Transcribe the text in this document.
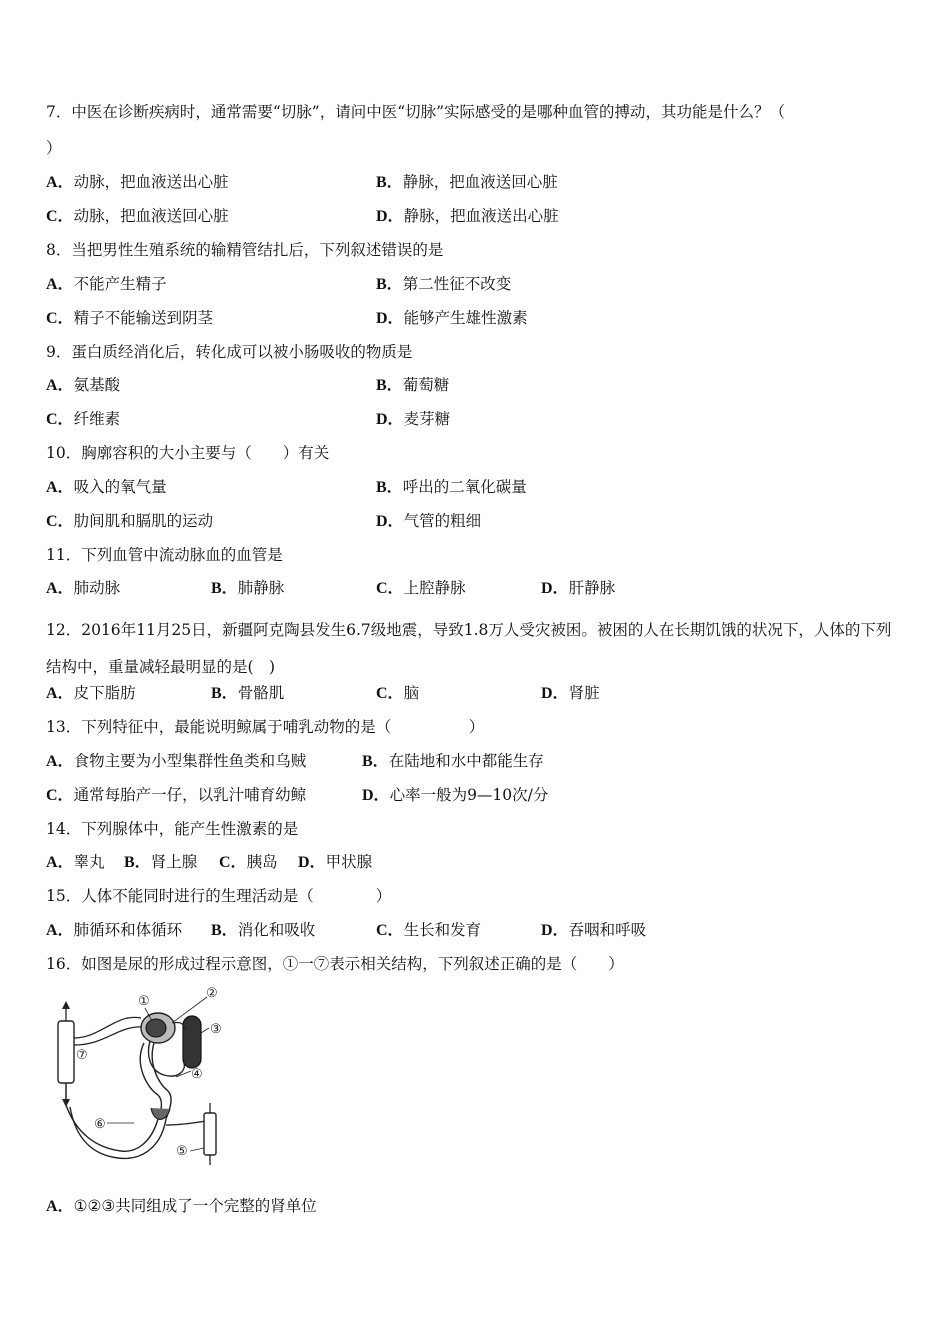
7．中医在诊断疾病时，通常需要“切脉”，请问中医“切脉”实际感受的是哪种血管的搏动，其功能是什么？（
）
A．动脉，把血液送出心脏	B．静脉，把血液送回心脏
C．动脉，把血液送回心脏	D．静脉，把血液送出心脏
8．当把男性生殖系统的输精管结扎后，下列叙述错误的是
A．不能产生精子	B．第二性征不改变
C．精子不能输送到阴茎	D．能够产生雄性激素
9．蛋白质经消化后，转化成可以被小肠吸收的物质是
A．氨基酸	B．葡萄糖
C．纤维素	D．麦芽糖
10．胸廓容积的大小主要与（　　）有关
A．吸入的氧气量	B．呼出的二氧化碳量
C．肋间肌和膈肌的运动	D．气管的粗细
11．下列血管中流动脉血的血管是
A．肺动脉	B．肺静脉	C．上腔静脉	D．肝静脉
12．2016年11月25日，新疆阿克陶县发生6.7级地震，导致1.8万人受灾被困。被困的人在长期饥饿的状况下，人体的下列结构中，重量减轻最明显的是(　)
A．皮下脂肪	B．骨骼肌	C．脑	D．肾脏
13．下列特征中，最能说明鲸属于哺乳动物的是（　　　　　）
A．食物主要为小型集群性鱼类和乌贼	B．在陆地和水中都能生存
C．通常每胎产一仔，以乳汁哺育幼鲸	D．心率一般为9—10次/分
14．下列腺体中，能产生性激素的是
A．睾丸 B．肾上腺 C．胰岛 D．甲状腺
15．人体不能同时进行的生理活动是（　　　　）
A．肺循环和体循环 B．消化和吸收	C．生长和发育	D．吞咽和呼吸
16．如图是尿的形成过程示意图，①一⑦表示相关结构，下列叙述正确的是（　　）
①
②
③
④
⑤
⑥
⑦
A．①②③共同组成了一个完整的肾单位
